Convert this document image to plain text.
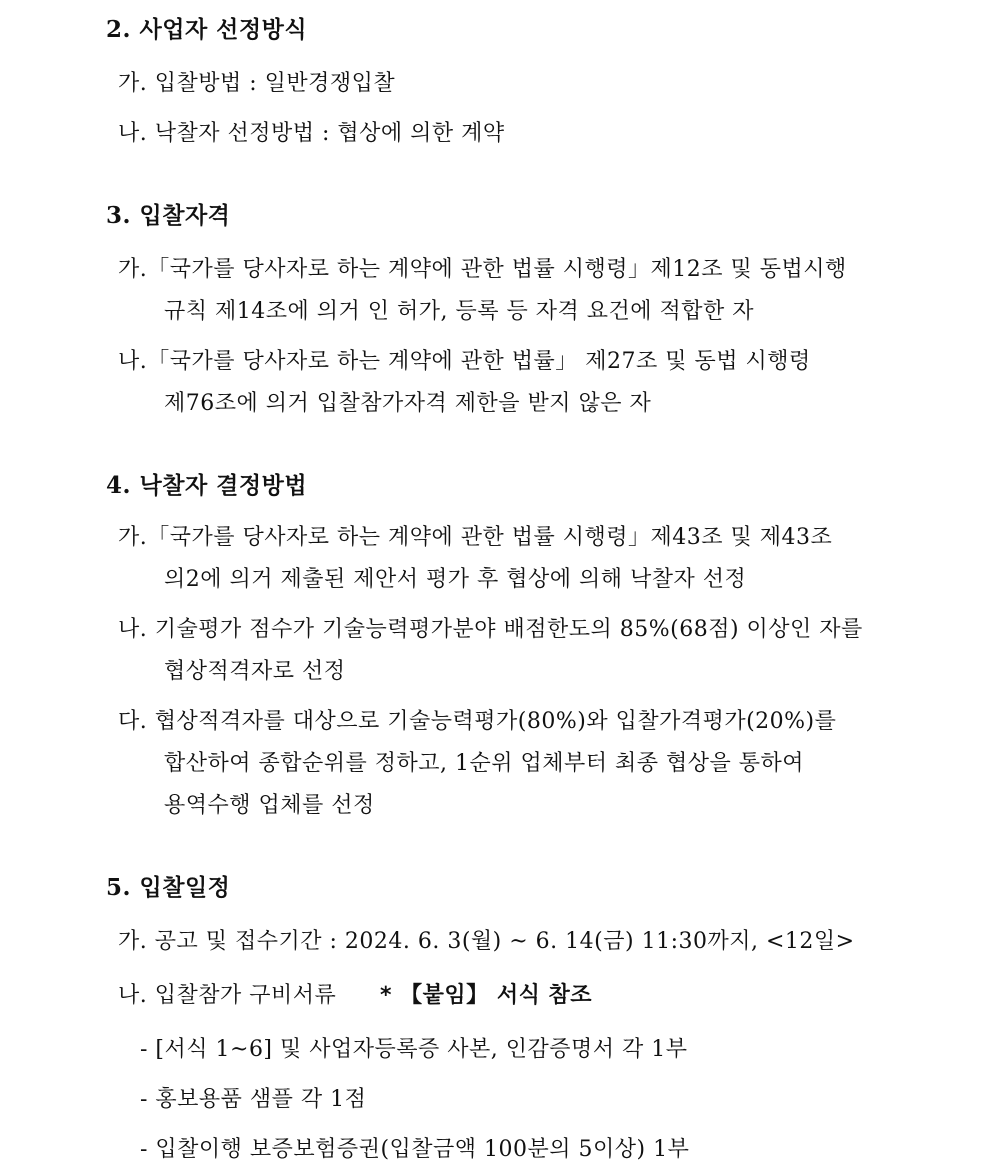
2. 사업자 선정방식
가. 입찰방법 : 일반경쟁입찰
나. 낙찰자 선정방법 : 협상에 의한 계약
3. 입찰자격
가.「국가를 당사자로 하는 계약에 관한 법률 시행령」제12조 및 동법시행
규칙 제14조에 의거 인 허가, 등록 등 자격 요건에 적합한 자
나.「국가를 당사자로 하는 계약에 관한 법률」 제27조 및 동법 시행령
제76조에 의거 입찰참가자격 제한을 받지 않은 자
4. 낙찰자 결정방법
가.「국가를 당사자로 하는 계약에 관한 법률 시행령」제43조 및 제43조
의2에 의거 제출된 제안서 평가 후 협상에 의해 낙찰자 선정
나. 기술평가 점수가 기술능력평가분야 배점한도의 85%(68점) 이상인 자를
협상적격자로 선정
다. 협상적격자를 대상으로 기술능력평가(80%)와 입찰가격평가(20%)를
합산하여 종합순위를 정하고, 1순위 업체부터 최종 협상을 통하여
용역수행 업체를 선정
5. 입찰일정
가. 공고 및 접수기간 : 2024. 6. 3(월) ~ 6. 14(금) 11:30까지, <12일>
나. 입찰참가 구비서류 * 【붙임】 서식 참조
- [서식 1~6] 및 사업자등록증 사본, 인감증명서 각 1부
- 홍보용품 샘플 각 1점
- 입찰이행 보증보험증권(입찰금액 100분의 5이상) 1부
